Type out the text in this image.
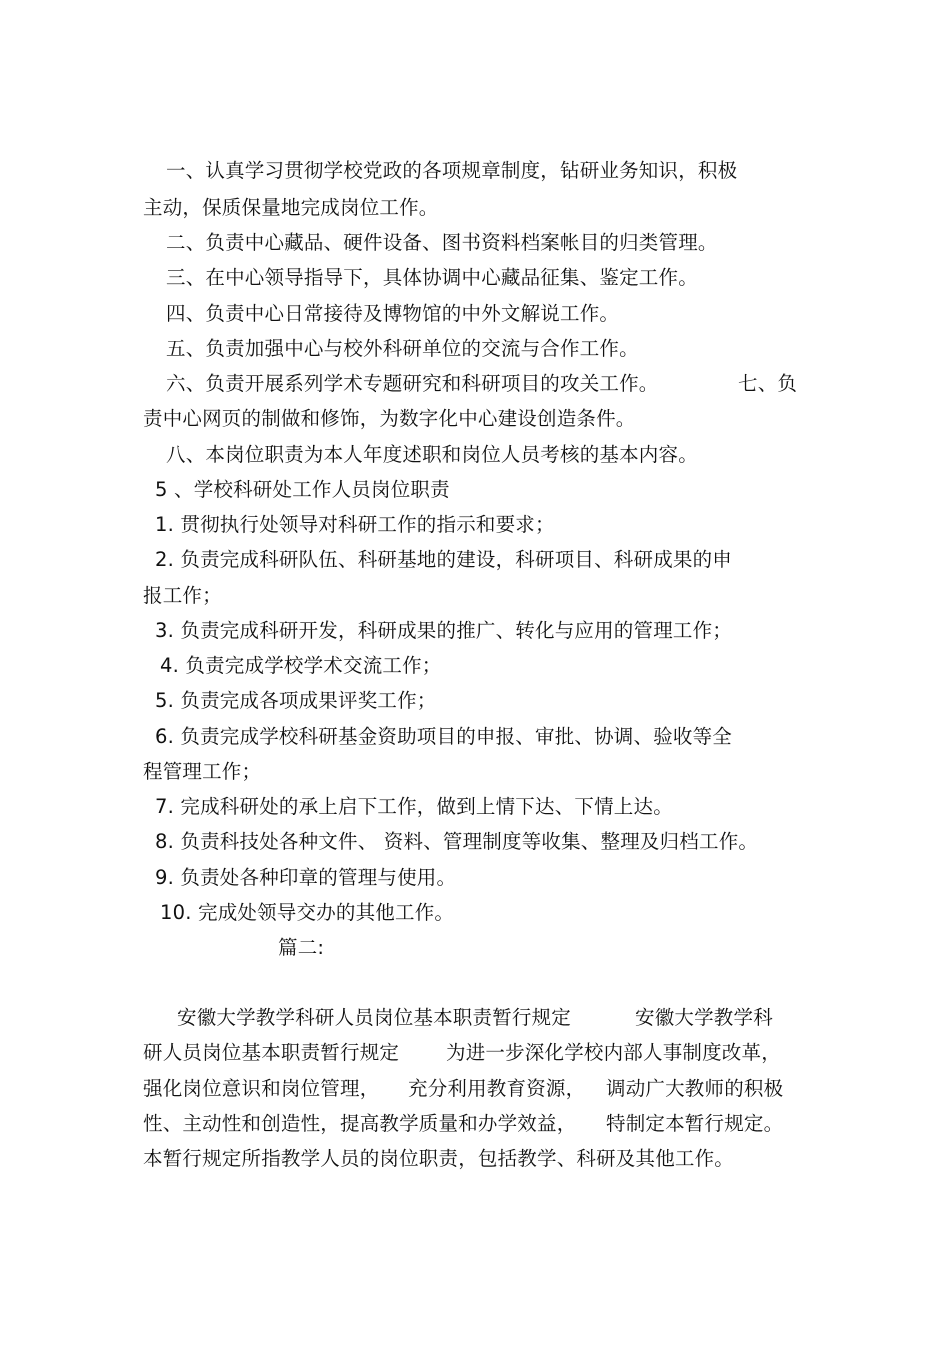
一、认真学习贯彻学校党政的各项规章制度，钻研业务知识，积极
主动，保质保量地完成岗位工作。
二、负责中心藏品、硬件设备、图书资料档案帐目的归类管理。
三、在中心领导指导下，具体协调中心藏品征集、鉴定工作。
四、负责中心日常接待及博物馆的中外文解说工作。
五、负责加强中心与校外科研单位的交流与合作工作。
六、负责开展系列学术专题研究和科研项目的攻关工作。	七、负
责中心网页的制做和修饰，为数字化中心建设创造条件。
八、本岗位职责为本人年度述职和岗位人员考核的基本内容。
5 、学校科研处工作人员岗位职责
1. 贯彻执行处领导对科研工作的指示和要求；
2. 负责完成科研队伍、科研基地的建设，科研项目、科研成果的申
报工作；
3. 负责完成科研开发，科研成果的推广、转化与应用的管理工作；
4. 负责完成学校学术交流工作；
5. 负责完成各项成果评奖工作；
6. 负责完成学校科研基金资助项目的申报、审批、协调、验收等全
程管理工作；
7. 完成科研处的承上启下工作，做到上情下达、下情上达。
8. 负责科技处各种文件、 资料、管理制度等收集、整理及归档工作。
9. 负责处各种印章的管理与使用。
10. 完成处领导交办的其他工作。
篇二:
安徽大学教学科研人员岗位基本职责暂行规定	安徽大学教学科
研人员岗位基本职责暂行规定 为进一步深化学校内部人事制度改革，
强化岗位意识和岗位管理， 充分利用教育资源， 调动广大教师的积极
性、主动性和创造性，提高教学质量和办学效益， 特制定本暂行规定。
本暂行规定所指教学人员的岗位职责，包括教学、科研及其他工作。
